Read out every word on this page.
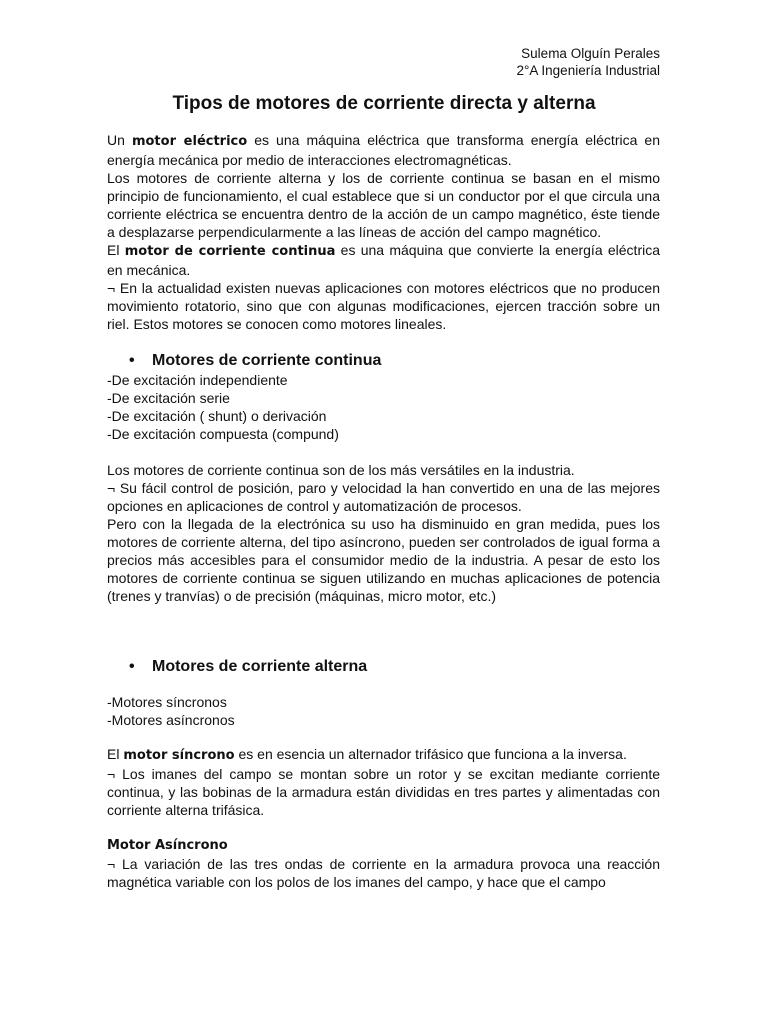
Sulema Olguín Perales
2°A Ingeniería Industrial
Tipos de motores de corriente directa y alterna

Un motor eléctrico es una máquina eléctrica que transforma energía eléctrica en energía mecánica por medio de interacciones electromagnéticas.

Los motores de corriente alterna y los de corriente continua se basan en el mismo principio de funcionamiento, el cual establece que si un conductor por el que circula una corriente eléctrica se encuentra dentro de la acción de un campo magnético, éste tiende a desplazarse perpendicularmente a las líneas de acción del campo magnético.

El motor de corriente continua es una máquina que convierte la energía eléctrica en mecánica.

¬ En la actualidad existen nuevas aplicaciones con motores eléctricos que no producen movimiento rotatorio, sino que con algunas modificaciones, ejercen tracción sobre un riel. Estos motores se conocen como motores lineales.

• Motores de corriente continua

-De excitación independiente

-De excitación serie

-De excitación ( shunt) o derivación

-De excitación compuesta (compund)

Los motores de corriente continua son de los más versátiles en la industria.

¬ Su fácil control de posición, paro y velocidad la han convertido en una de las mejores opciones en aplicaciones de control y automatización de procesos.

Pero con la llegada de la electrónica su uso ha disminuido en gran medida, pues los motores de corriente alterna, del tipo asíncrono, pueden ser controlados de igual forma a precios más accesibles para el consumidor medio de la industria. A pesar de esto los motores de corriente continua se siguen utilizando en muchas aplicaciones de potencia (trenes y tranvías) o de precisión (máquinas, micro motor, etc.)

• Motores de corriente alterna

-Motores síncronos

-Motores asíncronos

El motor síncrono es en esencia un alternador trifásico que funciona a la inversa.

¬ Los imanes del campo se montan sobre un rotor y se excitan mediante corriente continua, y las bobinas de la armadura están divididas en tres partes y alimentadas con corriente alterna trifásica.

Motor Asíncrono

¬ La variación de las tres ondas de corriente en la armadura provoca una reacción magnética variable con los polos de los imanes del campo, y hace que el campo
